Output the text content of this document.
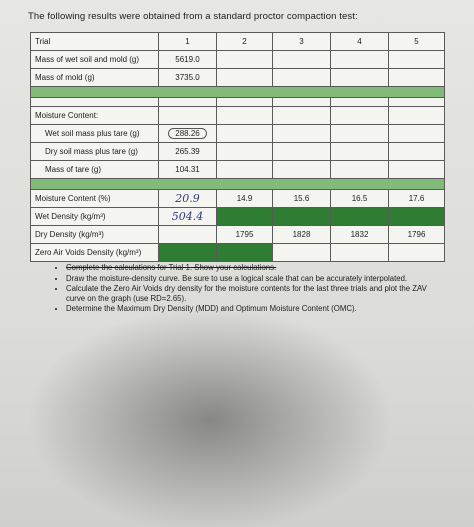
The following results were obtained from a standard proctor compaction test:
Trial	1	2	3	4	5
Mass of wet soil and mold (g)	5619.0				
Mass of mold (g)	3735.0				

Moisture Content:					
Wet soil mass plus tare (g)	288.26				
Dry soil mass plus tare (g)	265.39				
Mass of tare (g)	104.31				

Moisture Content (%)	20.9	14.9	15.6	16.5	17.6
Wet Density (kg/m³)	504.4				
Dry Density (kg/m³)		1795	1828	1832	1796
Zero Air Voids Density (kg/m³)					
• Complete the calculations for Trial 1. Show your calculations.
• Draw the moisture-density curve. Be sure to use a logical scale that can be accurately interpolated.
• Calculate the Zero Air Voids dry density for the moisture contents for the last three trials and plot the ZAV curve on the graph (use RD=2.65).
• Determine the Maximum Dry Density (MDD) and Optimum Moisture Content (OMC).
